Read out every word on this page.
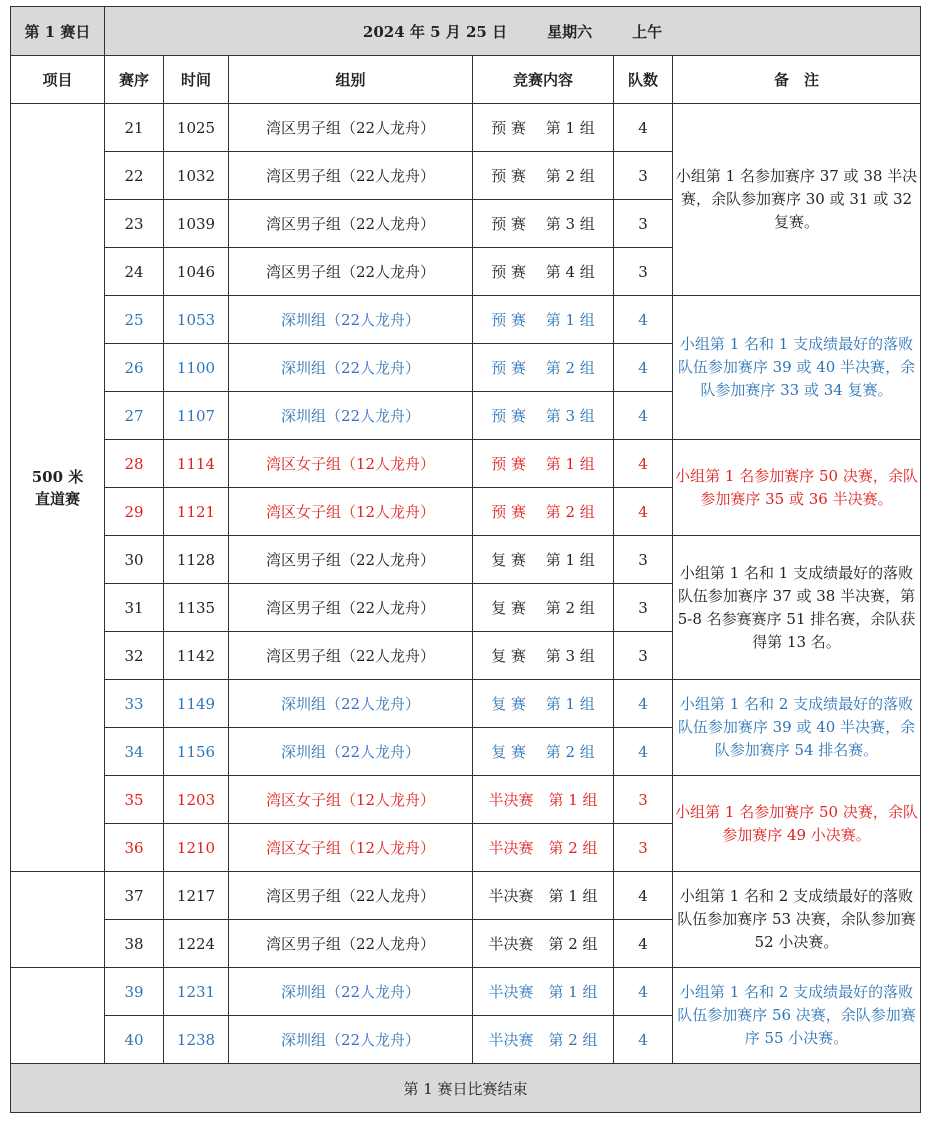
第 1 赛日	2024 年 5 月 25 日 星期六 上午					
项目	赛序	时间	组别	竞赛内容	队数	备　注

500 米
直道赛	21	1025	湾区男子组（22人龙舟）	预 赛　 第 1 组	4	小组第 1 名参加赛序 37 或 38 半决赛，余队参加赛序 30 或 31 或 32 复赛。
	22	1032	湾区男子组（22人龙舟）	预 赛　 第 2 组	3	
	23	1039	湾区男子组（22人龙舟）	预 赛　 第 3 组	3	
	24	1046	湾区男子组（22人龙舟）	预 赛　 第 4 组	3	
	25	1053	深圳组（22人龙舟）	预 赛　 第 1 组	4	小组第 1 名和 1 支成绩最好的落败队伍参加赛序 39 或 40 半决赛，余队参加赛序 33 或 34 复赛。
	26	1100	深圳组（22人龙舟）	预 赛　 第 2 组	4	
	27	1107	深圳组（22人龙舟）	预 赛　 第 3 组	4	
	28	1114	湾区女子组（12人龙舟）	预 赛　 第 1 组	4	小组第 1 名参加赛序 50 决赛，余队参加赛序 35 或 36 半决赛。
	29	1121	湾区女子组（12人龙舟）	预 赛　 第 2 组	4	
	30	1128	湾区男子组（22人龙舟）	复 赛　 第 1 组	3	小组第 1 名和 1 支成绩最好的落败队伍参加赛序 37 或 38 半决赛，第 5-8 名参赛赛序 51 排名赛，余队获得第 13 名。
	31	1135	湾区男子组（22人龙舟）	复 赛　 第 2 组	3	
	32	1142	湾区男子组（22人龙舟）	复 赛　 第 3 组	3	
	33	1149	深圳组（22人龙舟）	复 赛　 第 1 组	4	小组第 1 名和 2 支成绩最好的落败队伍参加赛序 39 或 40 半决赛，余队参加赛序 54 排名赛。
	34	1156	深圳组（22人龙舟）	复 赛　 第 2 组	4	
	35	1203	湾区女子组（12人龙舟）	半决赛　第 1 组	3	小组第 1 名参加赛序 50 决赛，余队参加赛序 49 小决赛。
	36	1210	湾区女子组（12人龙舟）	半决赛　第 2 组	3	
	37	1217	湾区男子组（22人龙舟）	半决赛　第 1 组	4	小组第 1 名和 2 支成绩最好的落败队伍参加赛序 53 决赛，余队参加赛 52 小决赛。
	38	1224	湾区男子组（22人龙舟）	半决赛　第 2 组	4	
	39	1231	深圳组（22人龙舟）	半决赛　第 1 组	4	小组第 1 名和 2 支成绩最好的落败队伍参加赛序 56 决赛，余队参加赛序 55 小决赛。
	40	1238	深圳组（22人龙舟）	半决赛　第 2 组	4	
第 1 赛日比赛结束						
